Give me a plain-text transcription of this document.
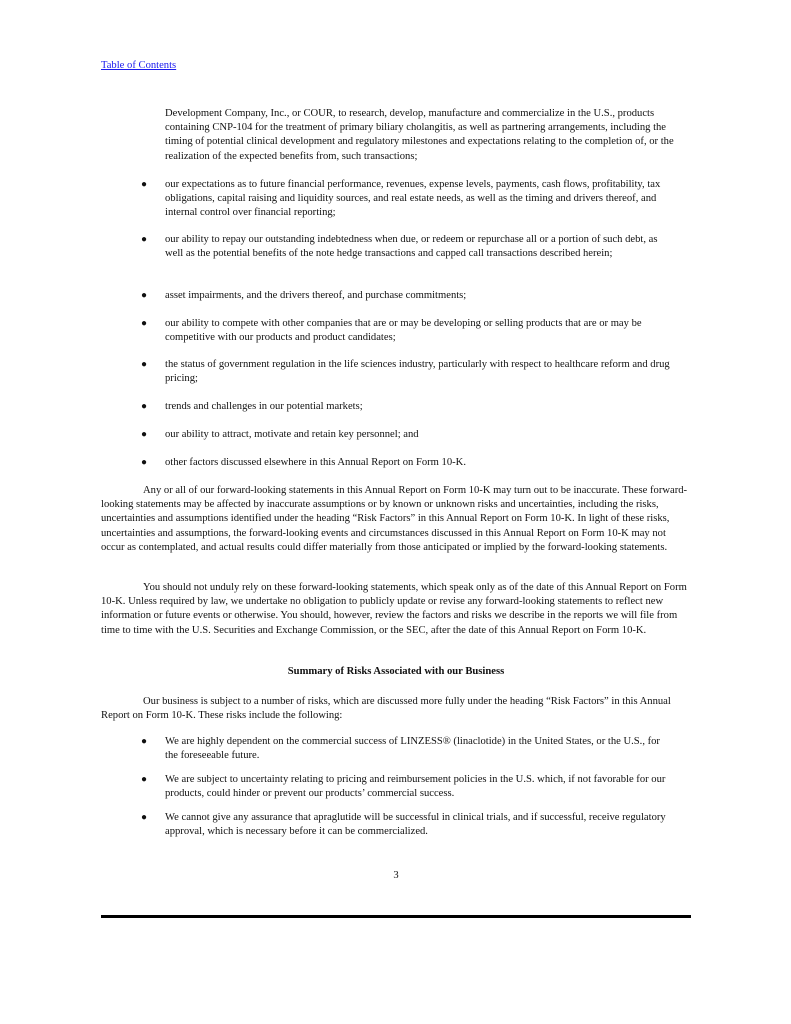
Table of Contents

Development Company, Inc., or COUR, to research, develop, manufacture and commercialize in the U.S., products containing CNP-104 for the treatment of primary biliary cholangitis, as well as partnering arrangements, including the timing of potential clinical development and regulatory milestones and expectations relating to the completion of, or the realization of the expected benefits from, such transactions;

●	our expectations as to future financial performance, revenues, expense levels, payments, cash flows, profitability, tax obligations, capital raising and liquidity sources, and real estate needs, as well as the timing and drivers thereof, and internal control over financial reporting;

●	our ability to repay our outstanding indebtedness when due, or redeem or repurchase all or a portion of such debt, as well as the potential benefits of the note hedge transactions and capped call transactions described herein;

●	asset impairments, and the drivers thereof, and purchase commitments;

●	our ability to compete with other companies that are or may be developing or selling products that are or may be competitive with our products and product candidates;

●	the status of government regulation in the life sciences industry, particularly with respect to healthcare reform and drug pricing;

●	trends and challenges in our potential markets;

●	our ability to attract, motivate and retain key personnel; and

●	other factors discussed elsewhere in this Annual Report on Form 10-K.

Any or all of our forward-looking statements in this Annual Report on Form 10-K may turn out to be inaccurate. These forward-looking statements may be affected by inaccurate assumptions or by known or unknown risks and uncertainties, including the risks, uncertainties and assumptions identified under the heading “Risk Factors” in this Annual Report on Form 10-K. In light of these risks, uncertainties and assumptions, the forward-looking events and circumstances discussed in this Annual Report on Form 10-K may not occur as contemplated, and actual results could differ materially from those anticipated or implied by the forward-looking statements.

You should not unduly rely on these forward-looking statements, which speak only as of the date of this Annual Report on Form 10-K. Unless required by law, we undertake no obligation to publicly update or revise any forward-looking statements to reflect new information or future events or otherwise. You should, however, review the factors and risks we describe in the reports we will file from time to time with the U.S. Securities and Exchange Commission, or the SEC, after the date of this Annual Report on Form 10-K.

Summary of Risks Associated with our Business

Our business is subject to a number of risks, which are discussed more fully under the heading “Risk Factors” in this Annual Report on Form 10-K. These risks include the following:

●	We are highly dependent on the commercial success of LINZESS® (linaclotide) in the United States, or the U.S., for the foreseeable future.

●	We are subject to uncertainty relating to pricing and reimbursement policies in the U.S. which, if not favorable for our products, could hinder or prevent our products’ commercial success.

●	We cannot give any assurance that apraglutide will be successful in clinical trials, and if successful, receive regulatory approval, which is necessary before it can be commercialized.

3
